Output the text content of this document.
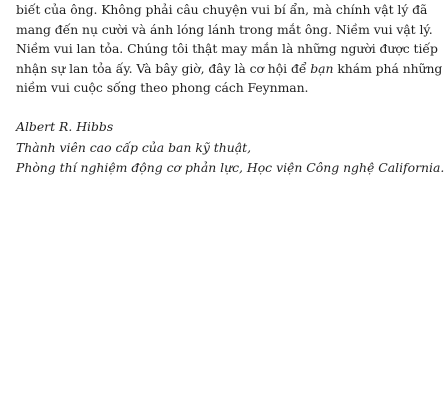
biết của ông. Không phải câu chuyện vui bí ẩn, mà chính vật lý đã
mang đến nụ cười và ánh lóng lánh trong mắt ông. Niềm vui vật lý.
Niềm vui lan tỏa. Chúng tôi thật may mắn là những người được tiếp
nhận sự lan tỏa ấy. Và bây giờ, đây là cơ hội để bạn khám phá những
niềm vui cuộc sống theo phong cách Feynman.

Albert R. Hibbs
Thành viên cao cấp của ban kỹ thuật,
Phòng thí nghiệm động cơ phản lực, Học viện Công nghệ California.
